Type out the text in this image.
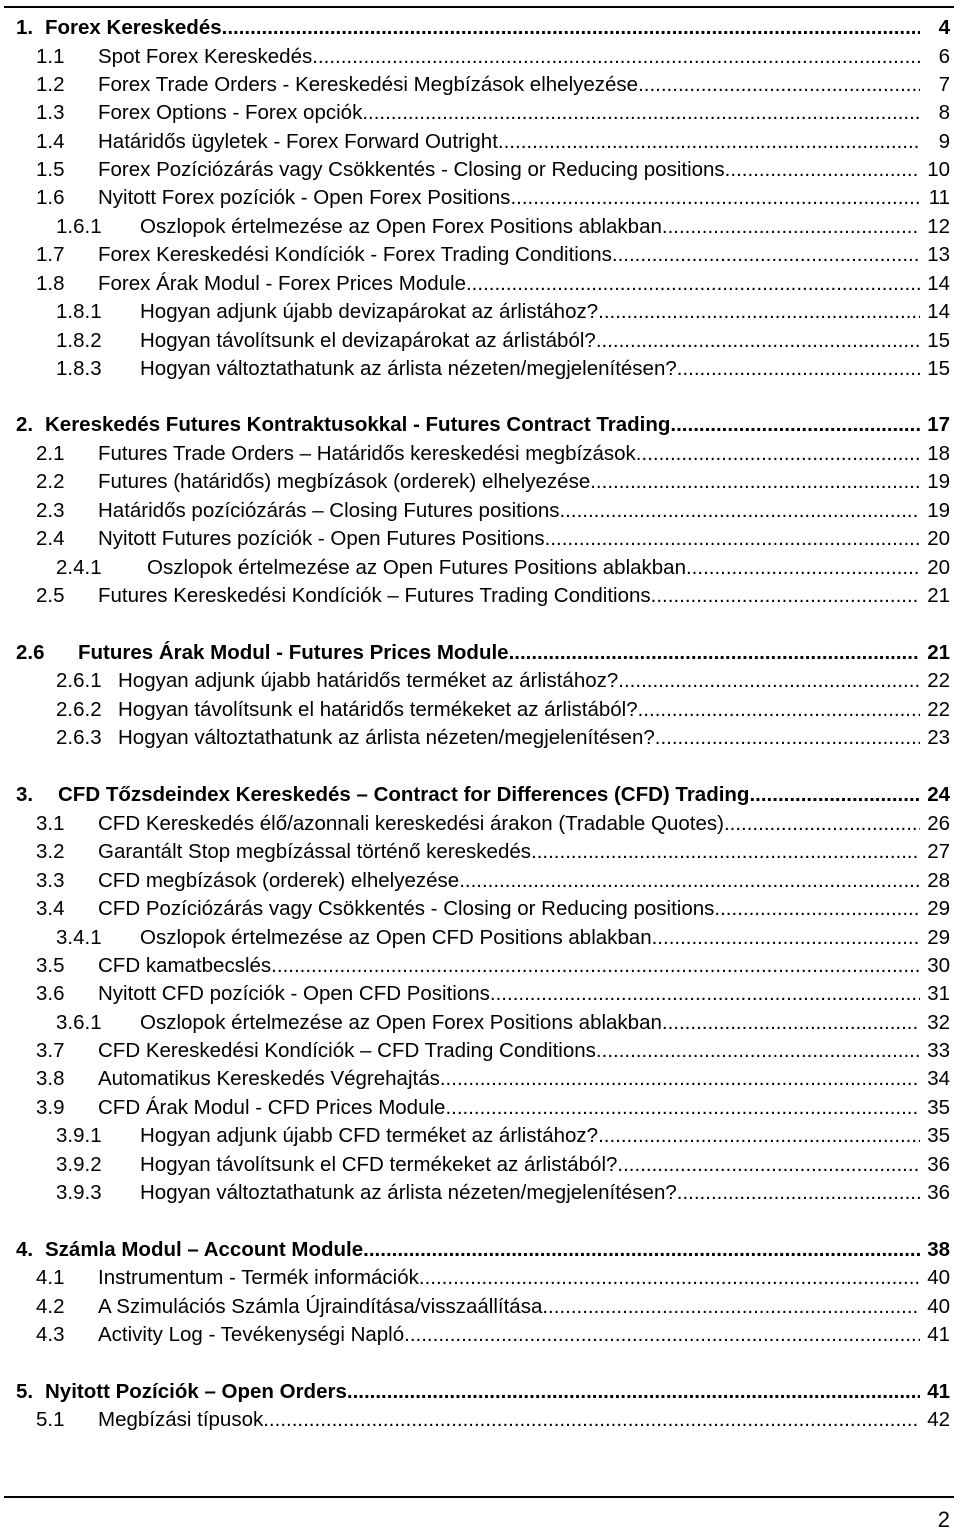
1. Forex Kereskedés .....	4
1.1 Spot Forex Kereskedés .....	6
1.2 Forex Trade Orders - Kereskedési Megbízások elhelyezése .....	7
1.3 Forex Options - Forex opciók .....	8
1.4 Határidős ügyletek - Forex Forward Outright .....	9
1.5 Forex Pozíciózárás vagy Csökkentés - Closing or Reducing positions .....	10
1.6 Nyitott Forex pozíciók - Open Forex Positions .....	11
1.6.1 Oszlopok értelmezése az Open Forex Positions ablakban .....	12
1.7 Forex Kereskedési Kondíciók - Forex Trading Conditions .....	13
1.8 Forex Árak Modul - Forex Prices Module .....	14
1.8.1 Hogyan adjunk újabb devizapárokat az árlistához? .....	14
1.8.2 Hogyan távolítsunk el devizapárokat az árlistából? .....	15
1.8.3 Hogyan változtathatunk az árlista nézeten/megjelenítésen? .....	15
2. Kereskedés Futures Kontraktusokkal - Futures Contract Trading .....	17
2.1 Futures Trade Orders – Határidős kereskedési megbízások .....	18
2.2 Futures (határidős) megbízások (orderek) elhelyezése .....	19
2.3 Határidős pozíciózárás – Closing Futures positions .....	19
2.4 Nyitott Futures pozíciók - Open Futures Positions .....	20
2.4.1 Oszlopok értelmezése az Open Futures Positions ablakban .....	20
2.5 Futures Kereskedési Kondíciók – Futures Trading Conditions .....	21
2.6 Futures Árak Modul - Futures Prices Module .....	21
2.6.1 Hogyan adjunk újabb határidős terméket az árlistához? .....	22
2.6.2 Hogyan távolítsunk el határidős termékeket az árlistából? .....	22
2.6.3 Hogyan változtathatunk az árlista nézeten/megjelenítésen? .....	23
3. CFD Tőzsdeindex Kereskedés – Contract for Differences (CFD) Trading .....	24
3.1 CFD Kereskedés élő/azonnali kereskedési árakon (Tradable Quotes) .....	26
3.2 Garantált Stop megbízással történő kereskedés .....	27
3.3 CFD megbízások (orderek) elhelyezése .....	28
3.4 CFD Pozíciózárás vagy Csökkentés - Closing or Reducing positions .....	29
3.4.1 Oszlopok értelmezése az Open CFD Positions ablakban .....	29
3.5 CFD kamatbecslés .....	30
3.6 Nyitott CFD pozíciók - Open CFD Positions .....	31
3.6.1 Oszlopok értelmezése az Open Forex Positions ablakban .....	32
3.7 CFD Kereskedési Kondíciók – CFD Trading Conditions .....	33
3.8 Automatikus Kereskedés Végrehajtás .....	34
3.9 CFD Árak Modul - CFD Prices Module .....	35
3.9.1 Hogyan adjunk újabb CFD terméket az árlistához? .....	35
3.9.2 Hogyan távolítsunk el CFD termékeket az árlistából? .....	36
3.9.3 Hogyan változtathatunk az árlista nézeten/megjelenítésen? .....	36
4. Számla Modul – Account Module .....	38
4.1 Instrumentum - Termék információk .....	40
4.2 A Szimulációs Számla Újraindítása/visszaállítása .....	40
4.3 Activity Log - Tevékenységi Napló .....	41
5. Nyitott Pozíciók – Open Orders .....	41
5.1 Megbízási típusok .....	42
2
